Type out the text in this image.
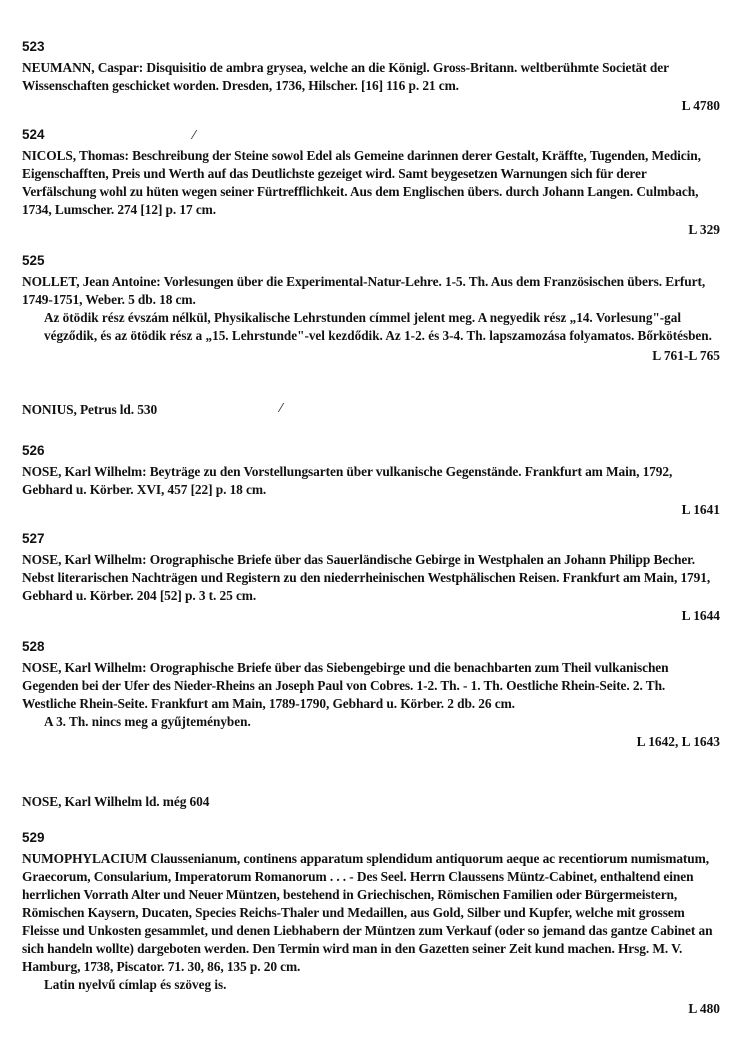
523
NEUMANN, Caspar: Disquisitio de ambra grysea, welche an die Königl. Gross-Britann. weltberühmte Societät der Wissenschaften geschicket worden. Dresden, 1736, Hilscher. [16] 116 p. 21 cm.
L 4780
524
NICOLS, Thomas: Beschreibung der Steine sowol Edel als Gemeine darinnen derer Gestalt, Kräffte, Tugenden, Medicin, Eigenschafften, Preis und Werth auf das Deutlichste gezeiget wird. Samt beygesetzen Warnungen sich für derer Verfälschung wohl zu hüten wegen seiner Fürtrefflichkeit. Aus dem Englischen übers. durch Johann Langen. Culmbach, 1734, Lumscher. 274 [12] p. 17 cm.
L 329
525
NOLLET, Jean Antoine: Vorlesungen über die Experimental-Natur-Lehre. 1-5. Th. Aus dem Französischen übers. Erfurt, 1749-1751, Weber. 5 db. 18 cm.
Az ötödik rész évszám nélkül, Physikalische Lehrstunden címmel jelent meg. A negyedik rész „14. Vorlesung"-gal végződik, és az ötödik rész a „15. Lehrstunde"-vel kezdődik. Az 1-2. és 3-4. Th. lapszamozása folyamatos. Bőrkötésben.
L 761-L 765
NONIUS, Petrus ld. 530
526
NOSE, Karl Wilhelm: Beyträge zu den Vorstellungsarten über vulkanische Gegenstände. Frankfurt am Main, 1792, Gebhard u. Körber. XVI, 457 [22] p. 18 cm.
L 1641
527
NOSE, Karl Wilhelm: Orographische Briefe über das Sauerländische Gebirge in Westphalen an Johann Philipp Becher. Nebst literarischen Nachträgen und Registern zu den niederrheinischen Westphälischen Reisen. Frankfurt am Main, 1791, Gebhard u. Körber. 204 [52] p. 3 t. 25 cm.
L 1644
528
NOSE, Karl Wilhelm: Orographische Briefe über das Siebengebirge und die benachbarten zum Theil vulkanischen Gegenden bei der Ufer des Nieder-Rheins an Joseph Paul von Cobres. 1-2. Th. - 1. Th. Oestliche Rhein-Seite. 2. Th. Westliche Rhein-Seite. Frankfurt am Main, 1789-1790, Gebhard u. Körber. 2 db. 26 cm.
A 3. Th. nincs meg a gyűjteményben.
L 1642, L 1643
NOSE, Karl Wilhelm ld. még 604
529
NUMOPHYLACIUM Claussenianum, continens apparatum splendidum antiquorum aeque ac recentiorum numismatum, Graecorum, Consularium, Imperatorum Romanorum . . . - Des Seel. Herrn Claussens Müntz-Cabinet, enthaltend einen herrlichen Vorrath Alter und Neuer Müntzen, bestehend in Griechischen, Römischen Familien oder Bürgermeistern, Römischen Kaysern, Ducaten, Species Reichs-Thaler und Medaillen, aus Gold, Silber und Kupfer, welche mit grossem Fleisse und Unkosten gesammlet, und denen Liebhabern der Müntzen zum Verkauf (oder so jemand das gantze Cabinet an sich handeln wollte) dargeboten werden. Den Termin wird man in den Gazetten seiner Zeit kund machen. Hrsg. M. V. Hamburg, 1738, Piscator. 71. 30, 86, 135 p. 20 cm.
Latin nyelvű címlap és szöveg is.
L 480
⁄
⁄
